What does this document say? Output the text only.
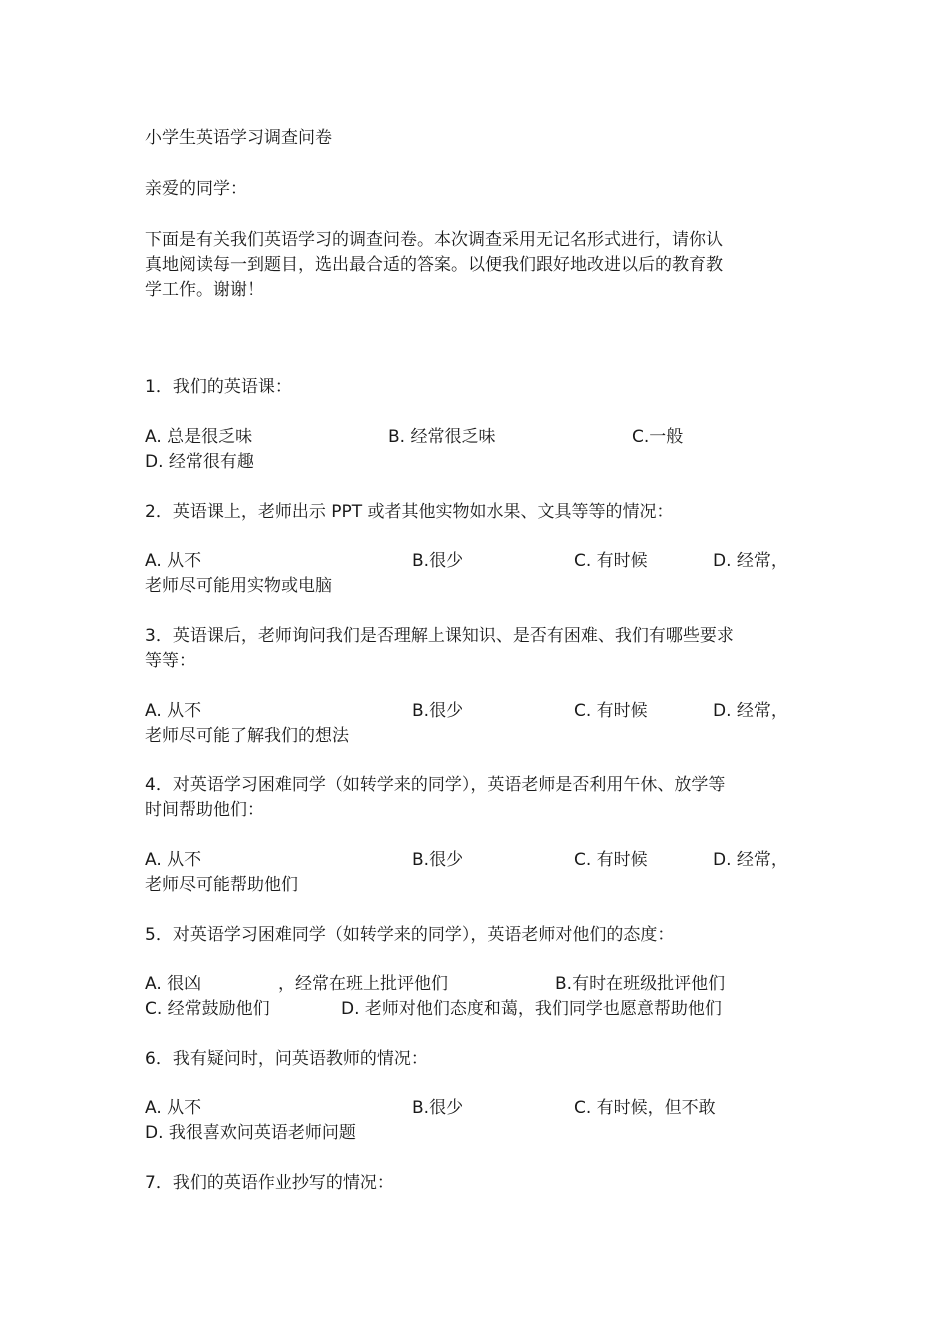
小学生英语学习调查问卷
亲爱的同学：
下面是有关我们英语学习的调查问卷。本次调查采用无记名形式进行，请你认
真地阅读每一到题目，选出最合适的答案。以便我们跟好地改进以后的教育教
学工作。谢谢！
1．我们的英语课：
A. 总是很乏味	B. 经常很乏味	C.一般
D. 经常很有趣
2．英语课上，老师出示 PPT 或者其他实物如水果、文具等等的情况：
A. 从不	B.很少	C. 有时候	D. 经常，
老师尽可能用实物或电脑
3．英语课后，老师询问我们是否理解上课知识、是否有困难、我们有哪些要求
等等：
A. 从不	B.很少	C. 有时候	D. 经常，
老师尽可能了解我们的想法
4．对英语学习困难同学（如转学来的同学），英语老师是否利用午休、放学等
时间帮助他们：
A. 从不	B.很少	C. 有时候	D. 经常，
老师尽可能帮助他们
5．对英语学习困难同学（如转学来的同学），英语老师对他们的态度：
A. 很凶	，经常在班上批评他们	B.有时在班级批评他们
C. 经常鼓励他们	D. 老师对他们态度和蔼，我们同学也愿意帮助他们
6．我有疑问时，问英语教师的情况：
A. 从不	B.很少	C. 有时候，但不敢
D. 我很喜欢问英语老师问题
7．我们的英语作业抄写的情况：
